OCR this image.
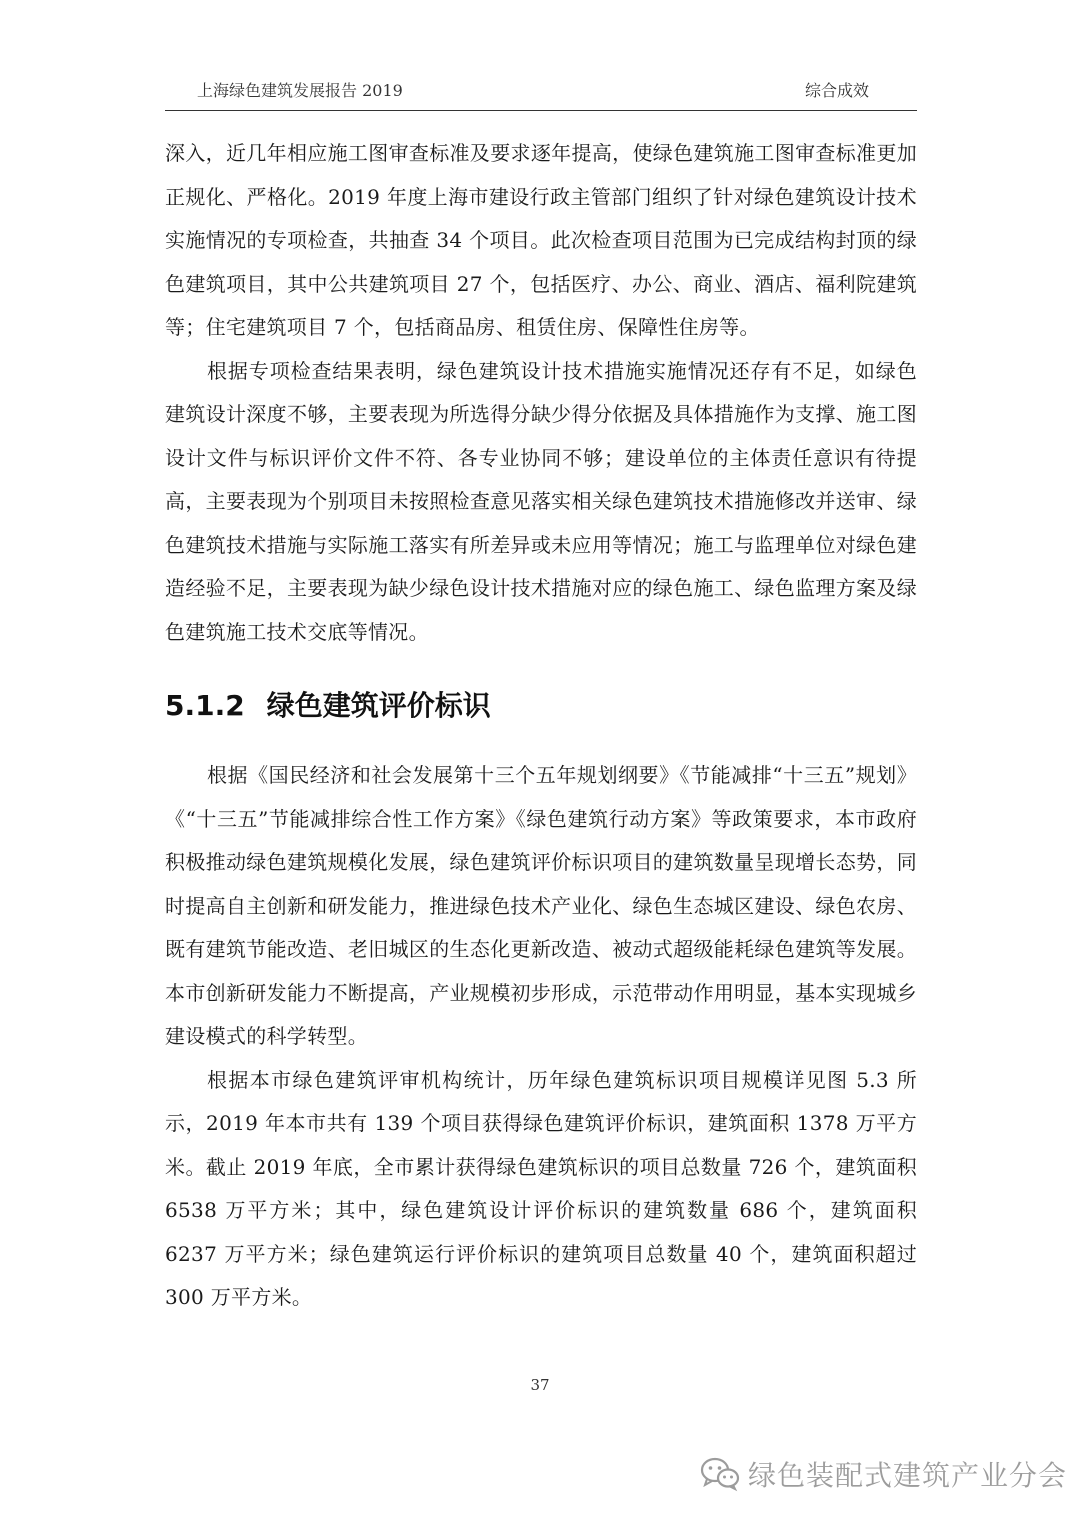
上海绿色建筑发展报告 2019	综合成效

深入，近几年相应施工图审查标准及要求逐年提高，使绿色建筑施工图审查标准更加正规化、严格化。2019 年度上海市建设行政主管部门组织了针对绿色建筑设计技术实施情况的专项检查，共抽查 34 个项目。此次检查项目范围为已完成结构封顶的绿色建筑项目，其中公共建筑项目 27 个，包括医疗、办公、商业、酒店、福利院建筑等；住宅建筑项目 7 个，包括商品房、租赁住房、保障性住房等。

根据专项检查结果表明，绿色建筑设计技术措施实施情况还存有不足，如绿色建筑设计深度不够，主要表现为所选得分缺少得分依据及具体措施作为支撑、施工图设计文件与标识评价文件不符、各专业协同不够；建设单位的主体责任意识有待提高，主要表现为个别项目未按照检查意见落实相关绿色建筑技术措施修改并送审、绿色建筑技术措施与实际施工落实有所差异或未应用等情况；施工与监理单位对绿色建造经验不足，主要表现为缺少绿色设计技术措施对应的绿色施工、绿色监理方案及绿色建筑施工技术交底等情况。

5.1.2 绿色建筑评价标识

根据《国民经济和社会发展第十三个五年规划纲要》《节能减排“十三五”规划》《“十三五”节能减排综合性工作方案》《绿色建筑行动方案》等政策要求，本市政府积极推动绿色建筑规模化发展，绿色建筑评价标识项目的建筑数量呈现增长态势，同时提高自主创新和研发能力，推进绿色技术产业化、绿色生态城区建设、绿色农房、既有建筑节能改造、老旧城区的生态化更新改造、被动式超级能耗绿色建筑等发展。本市创新研发能力不断提高，产业规模初步形成，示范带动作用明显，基本实现城乡建设模式的科学转型。

根据本市绿色建筑评审机构统计，历年绿色建筑标识项目规模详见图 5.3 所示，2019 年本市共有 139 个项目获得绿色建筑评价标识，建筑面积 1378 万平方米。截止 2019 年底，全市累计获得绿色建筑标识的项目总数量 726 个，建筑面积 6538 万平方米；其中，绿色建筑设计评价标识的建筑数量 686 个，建筑面积 6237 万平方米；绿色建筑运行评价标识的建筑项目总数量 40 个，建筑面积超过 300 万平方米。

37
绿色装配式建筑产业分会
